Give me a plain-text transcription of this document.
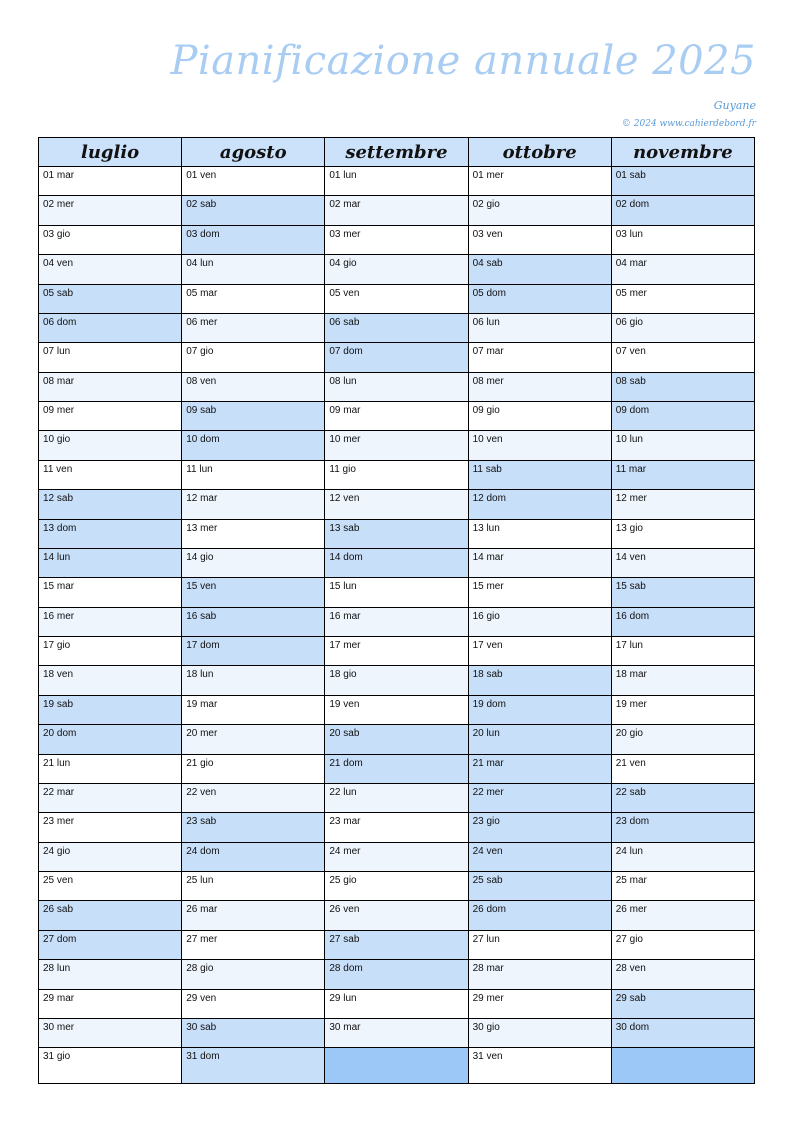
Pianificazione annuale 2025
Guyane
© 2024 www.cahierdebord.fr
luglio	agosto	settembre	ottobre	novembre
01 mar	01 ven	01 lun	01 mer	01 sab
02 mer	02 sab	02 mar	02 gio	02 dom
03 gio	03 dom	03 mer	03 ven	03 lun
04 ven	04 lun	04 gio	04 sab	04 mar
05 sab	05 mar	05 ven	05 dom	05 mer
06 dom	06 mer	06 sab	06 lun	06 gio
07 lun	07 gio	07 dom	07 mar	07 ven
08 mar	08 ven	08 lun	08 mer	08 sab
09 mer	09 sab	09 mar	09 gio	09 dom
10 gio	10 dom	10 mer	10 ven	10 lun
11 ven	11 lun	11 gio	11 sab	11 mar
12 sab	12 mar	12 ven	12 dom	12 mer
13 dom	13 mer	13 sab	13 lun	13 gio
14 lun	14 gio	14 dom	14 mar	14 ven
15 mar	15 ven	15 lun	15 mer	15 sab
16 mer	16 sab	16 mar	16 gio	16 dom
17 gio	17 dom	17 mer	17 ven	17 lun
18 ven	18 lun	18 gio	18 sab	18 mar
19 sab	19 mar	19 ven	19 dom	19 mer
20 dom	20 mer	20 sab	20 lun	20 gio
21 lun	21 gio	21 dom	21 mar	21 ven
22 mar	22 ven	22 lun	22 mer	22 sab
23 mer	23 sab	23 mar	23 gio	23 dom
24 gio	24 dom	24 mer	24 ven	24 lun
25 ven	25 lun	25 gio	25 sab	25 mar
26 sab	26 mar	26 ven	26 dom	26 mer
27 dom	27 mer	27 sab	27 lun	27 gio
28 lun	28 gio	28 dom	28 mar	28 ven
29 mar	29 ven	29 lun	29 mer	29 sab
30 mer	30 sab	30 mar	30 gio	30 dom
31 gio	31 dom		31 ven	
